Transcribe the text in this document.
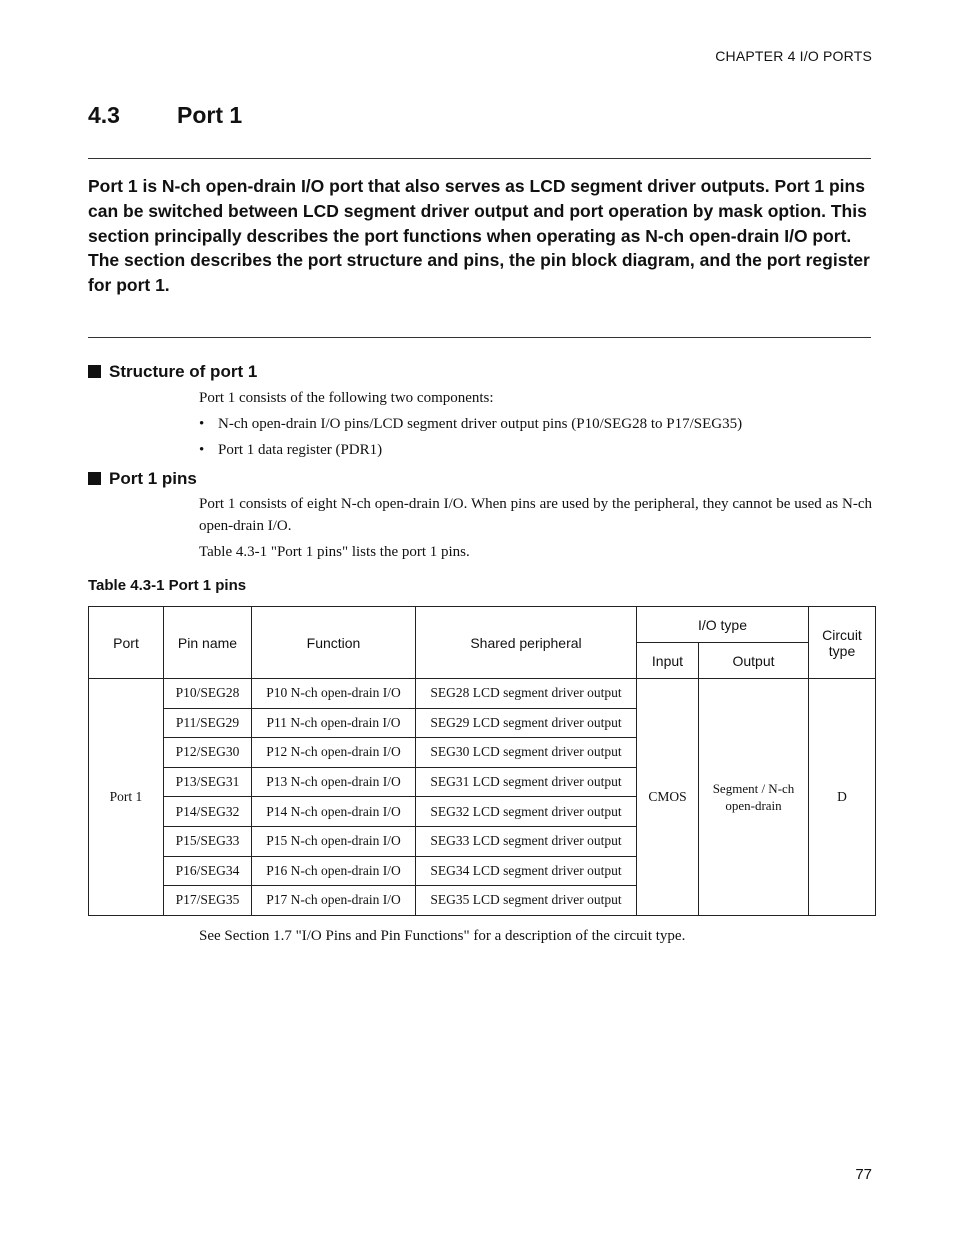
CHAPTER 4 I/O PORTS
4.3 Port 1

Port 1 is N-ch open-drain I/O port that also serves as LCD segment driver outputs. Port 1 pins can be switched between LCD segment driver output and port operation by mask option. This section principally describes the port functions when operating as N-ch open-drain I/O port.

The section describes the port structure and pins, the pin block diagram, and the port register for port 1.

Structure of port 1

Port 1 consists of the following two components:

• N-ch open-drain I/O pins/LCD segment driver output pins (P10/SEG28 to P17/SEG35)

• Port 1 data register (PDR1)

Port 1 pins

Port 1 consists of eight N-ch open-drain I/O. When pins are used by the peripheral, they cannot be used as N-ch open-drain I/O.

Table 4.3-1 "Port 1 pins" lists the port 1 pins.

Table 4.3-1 Port 1 pins
Port	Pin name	Function	Shared peripheral	I/O type		Circuit
type
				Input	Output	
Port 1	P10/SEG28	P10 N-ch open-drain I/O	SEG28 LCD segment driver output	CMOS	Segment / N-ch
open-drain	D
	P11/SEG29	P11 N-ch open-drain I/O	SEG29 LCD segment driver output			
	P12/SEG30	P12 N-ch open-drain I/O	SEG30 LCD segment driver output			
	P13/SEG31	P13 N-ch open-drain I/O	SEG31 LCD segment driver output			
	P14/SEG32	P14 N-ch open-drain I/O	SEG32 LCD segment driver output			
	P15/SEG33	P15 N-ch open-drain I/O	SEG33 LCD segment driver output			
	P16/SEG34	P16 N-ch open-drain I/O	SEG34 LCD segment driver output			
	P17/SEG35	P17 N-ch open-drain I/O	SEG35 LCD segment driver output			
See Section 1.7 "I/O Pins and Pin Functions" for a description of the circuit type.
77
